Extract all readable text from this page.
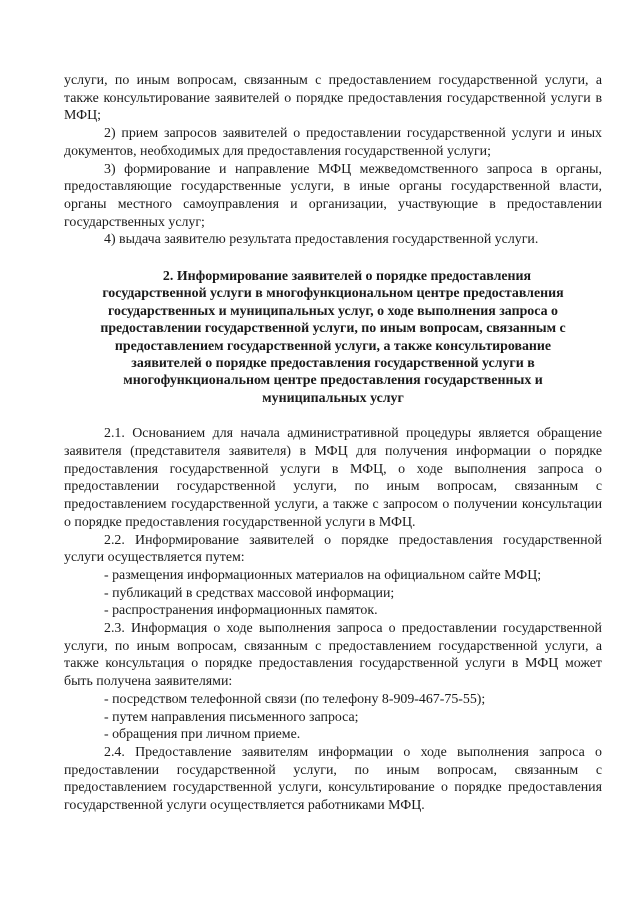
услуги, по иным вопросам, связанным с предоставлением государственной услуги, а также консультирование заявителей о порядке предоставления государственной услуги в МФЦ;

2) прием запросов заявителей о предоставлении государственной услуги и иных документов, необходимых для предоставления государственной услуги;

3) формирование и направление МФЦ межведомственного запроса в органы, предоставляющие государственные услуги, в иные органы государственной власти, органы местного самоуправления и организации, участвующие в предоставлении государственных услуг;

4) выдача заявителю результата предоставления государственной услуги.

2. Информирование заявителей о порядке предоставления
государственной услуги в многофункциональном центре предоставления
государственных и муниципальных услуг, о ходе выполнения запроса о
предоставлении государственной услуги, по иным вопросам, связанным с
предоставлением государственной услуги, а также консультирование
заявителей о порядке предоставления государственной услуги в
многофункциональном центре предоставления государственных и
муниципальных услуг

2.1. Основанием для начала административной процедуры является обращение заявителя (представителя заявителя) в МФЦ для получения информации о порядке предоставления государственной услуги в МФЦ, о ходе выполнения запроса о предоставлении государственной услуги, по иным вопросам, связанным с предоставлением государственной услуги, а также с запросом о получении консультации о порядке предоставления государственной услуги в МФЦ.

2.2. Информирование заявителей о порядке предоставления государственной услуги осуществляется путем:

- размещения информационных материалов на официальном сайте МФЦ;

- публикаций в средствах массовой информации;

- распространения информационных памяток.

2.3. Информация о ходе выполнения запроса о предоставлении государственной услуги, по иным вопросам, связанным с предоставлением государственной услуги, а также консультация о порядке предоставления государственной услуги в МФЦ может быть получена заявителями:

- посредством телефонной связи (по телефону 8-909-467-75-55);

- путем направления письменного запроса;

- обращения при личном приеме.

2.4. Предоставление заявителям информации о ходе выполнения запроса о предоставлении государственной услуги, по иным вопросам, связанным с предоставлением государственной услуги, консультирование о порядке предоставления государственной услуги осуществляется работниками МФЦ.
